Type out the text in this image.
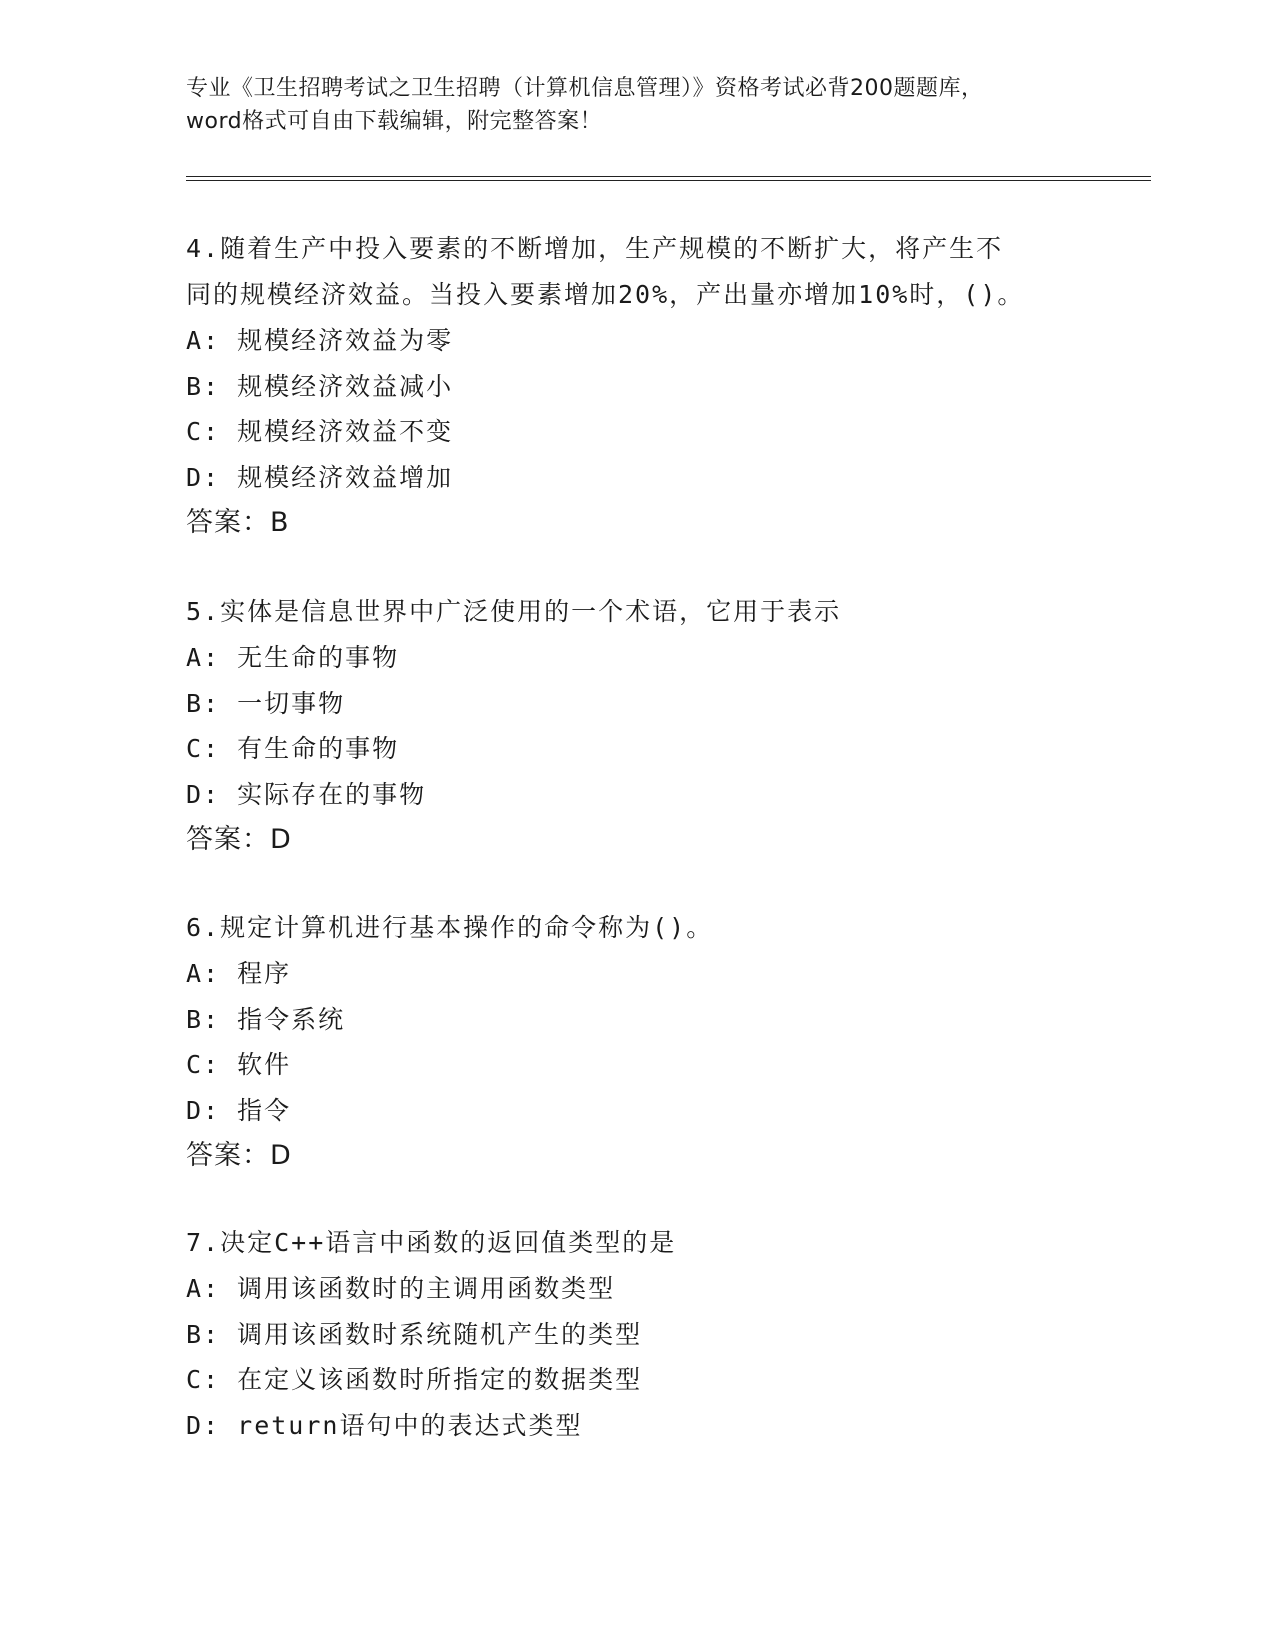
专业《卫生招聘考试之卫生招聘（计算机信息管理）》资格考试必背200题题库，
word格式可自由下载编辑，附完整答案！
4.随着生产中投入要素的不断增加，生产规模的不断扩大，将产生不
同的规模经济效益。当投入要素增加20%，产出量亦增加10%时，()。
A: 规模经济效益为零
B: 规模经济效益减小
C: 规模经济效益不变
D: 规模经济效益增加
答案：B
5.实体是信息世界中广泛使用的一个术语，它用于表示
A: 无生命的事物
B: 一切事物
C: 有生命的事物
D: 实际存在的事物
答案：D
6.规定计算机进行基本操作的命令称为()。
A: 程序
B: 指令系统
C: 软件
D: 指令
答案：D
7.决定C++语言中函数的返回值类型的是
A: 调用该函数时的主调用函数类型
B: 调用该函数时系统随机产生的类型
C: 在定义该函数时所指定的数据类型
D: return语句中的表达式类型
